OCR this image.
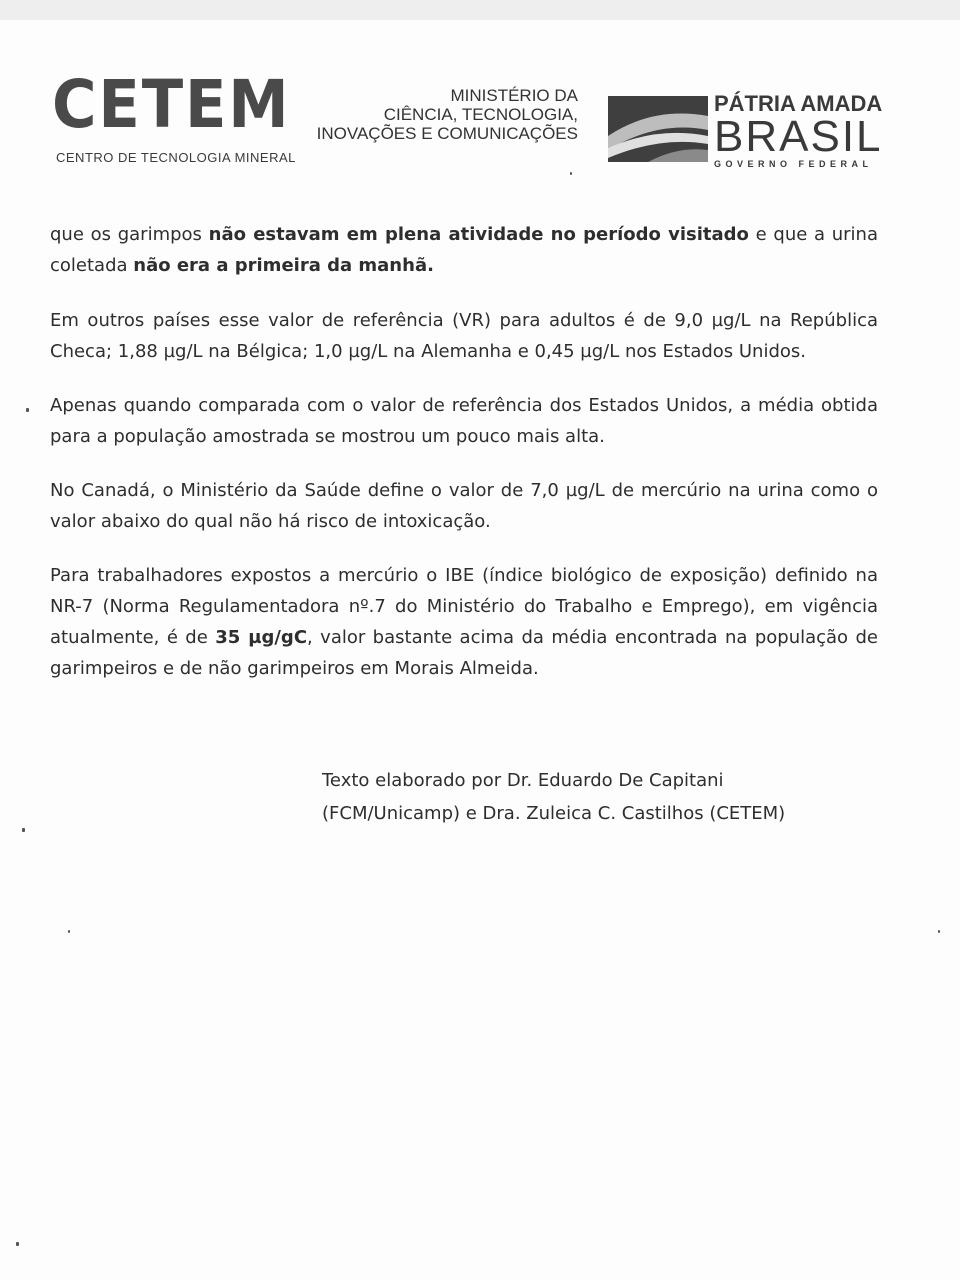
CETEM
CENTRO DE TECNOLOGIA MINERAL
MINISTÉRIO DA
CIÊNCIA, TECNOLOGIA,
INOVAÇÕES E COMUNICAÇÕES
PÁTRIA AMADA
BRASIL
GOVERNO FEDERAL

que os garimpos não estavam em plena atividade no período visitado e que a urina coletada não era a primeira da manhã.

Em outros países esse valor de referência (VR) para adultos é de 9,0 µg/L na República Checa; 1,88 µg/L na Bélgica; 1,0 µg/L na Alemanha e 0,45 µg/L nos Estados Unidos.

Apenas quando comparada com o valor de referência dos Estados Unidos, a média obtida para a população amostrada se mostrou um pouco mais alta.

No Canadá, o Ministério da Saúde define o valor de 7,0 µg/L de mercúrio na urina como o valor abaixo do qual não há risco de intoxicação.

Para trabalhadores expostos a mercúrio o IBE (índice biológico de exposição) definido na NR-7 (Norma Regulamentadora nº.7 do Ministério do Trabalho e Emprego), em vigência atualmente, é de 35 µg/gC, valor bastante acima da média encontrada na população de garimpeiros e de não garimpeiros em Morais Almeida.

Texto elaborado por Dr. Eduardo De Capitani
(FCM/Unicamp) e Dra. Zuleica C. Castilhos (CETEM)
